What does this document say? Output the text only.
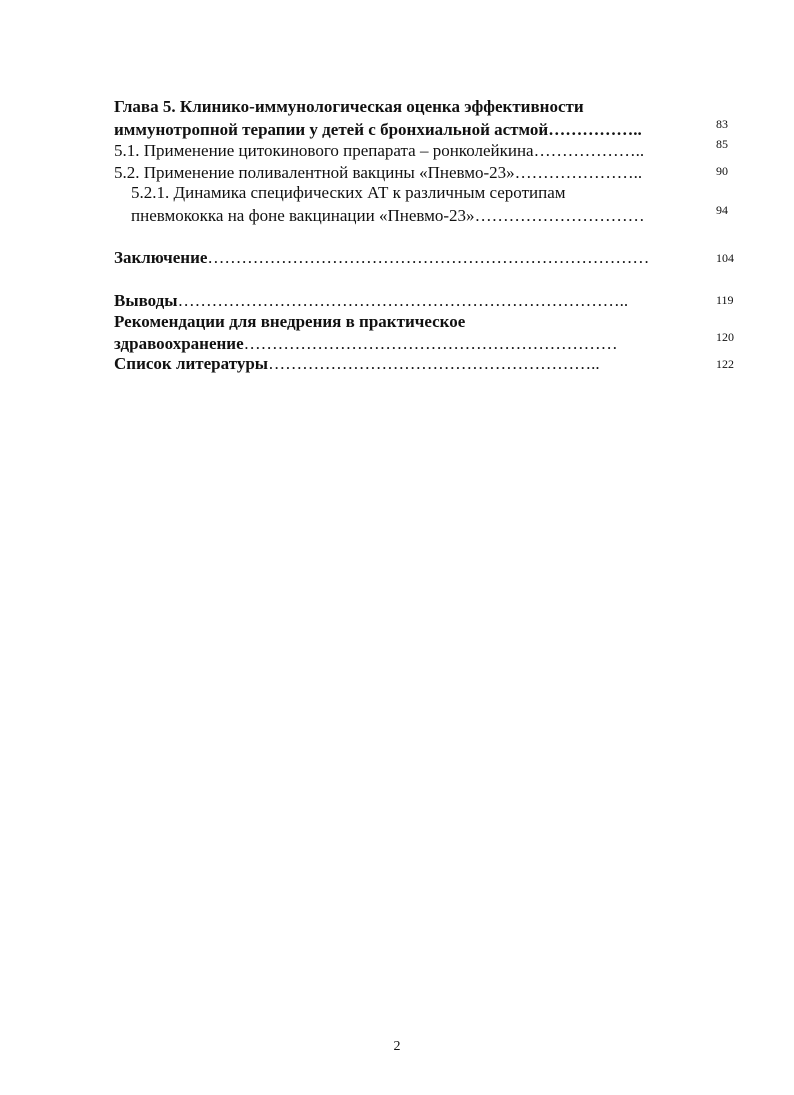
Глава 5. Клинико-иммунологическая оценка эффективности
иммунотропной терапии у детей с бронхиальной астмой……………..	83
5.1. Применение цитокинового препарата – ронколейкина………………..	85
5.2. Применение поливалентной вакцины «Пневмо-23»…………………..	90
5.2.1. Динамика специфических АТ к различным серотипам
пневмококка на фоне вакцинации «Пневмо-23»…………………………	94
Заключение……………………………………………………………………	104
Выводы……………………………………………………………………..	119
Рекомендации для внедрения в практическое
здравоохранение…………………………………………………………	120
Список литературы…………………………………………………..	122
2
